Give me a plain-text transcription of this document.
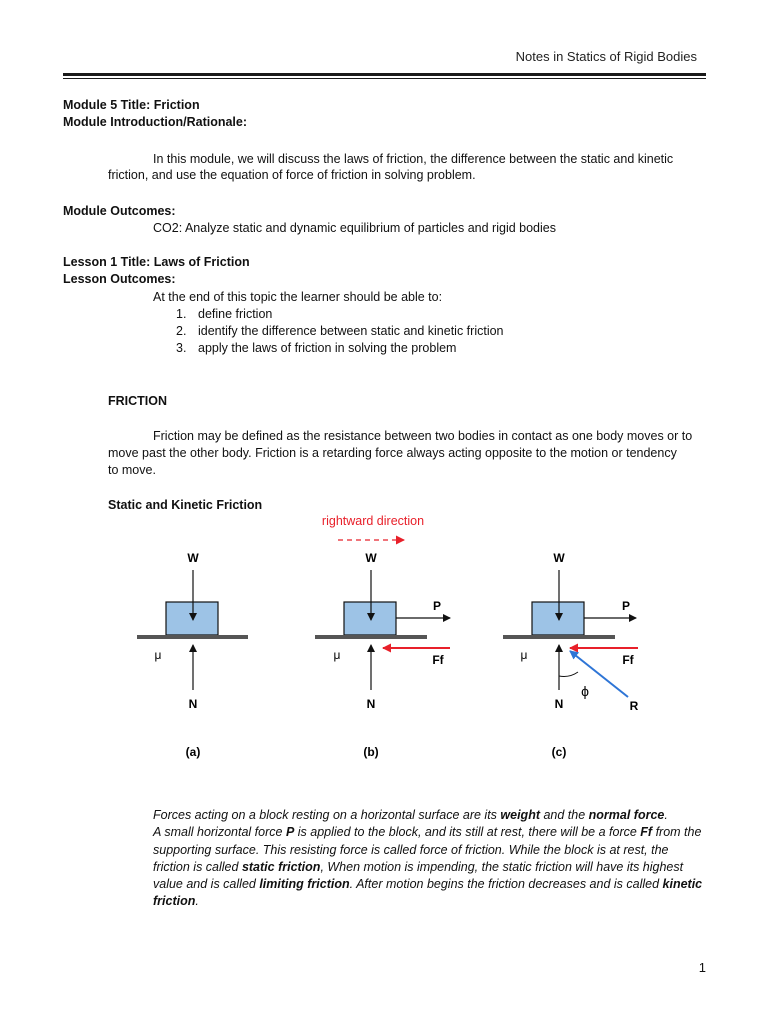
Notes in Statics of Rigid Bodies
Module 5 Title: Friction
Module Introduction/Rationale:
In this module, we will discuss the laws of friction, the difference between the static and kinetic
friction, and use the equation of force of friction in solving problem.
Module Outcomes:
CO2: Analyze static and dynamic equilibrium of particles and rigid bodies
Lesson 1 Title: Laws of Friction
Lesson Outcomes:
At the end of this topic the learner should be able to:
1. define friction
2. identify the difference between static and kinetic friction
3. apply the laws of friction in solving the problem
FRICTION
Friction may be defined as the resistance between two bodies in contact as one body moves or to
move past the other body. Friction is a retarding force always acting opposite to the motion or tendency
to move.
Static and Kinetic Friction
rightward direction
W
N
μ
(a)
W
N
P
Ff
μ
(b)
W
N
P
Ff
R
ϕ
μ
(c)

Forces acting on a block resting on a horizontal surface are its weight and the normal force.
A small horizontal force P is applied to the block, and its still at rest, there will be a force Ff from the supporting surface. This resisting force is called force of friction. While the block is at rest, the friction is called static friction, When motion is impending, the static friction will have its highest value and is called limiting friction. After motion begins the friction decreases and is called kinetic friction.

1
